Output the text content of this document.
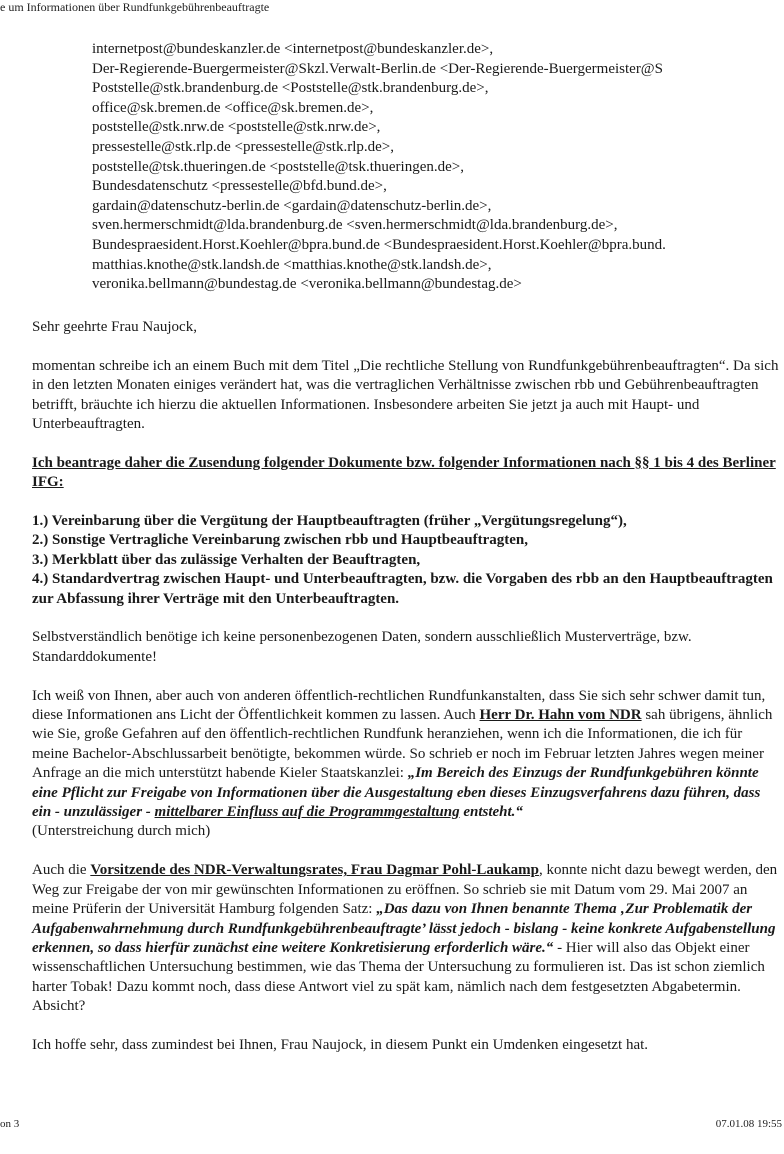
e um Informationen über Rundfunkgebührenbeauftragte
internetpost@bundeskanzler.de <internetpost@bundeskanzler.de>,
Der-Regierende-Buergermeister@Skzl.Verwalt-Berlin.de <Der-Regierende-Buergermeister@S
Poststelle@stk.brandenburg.de <Poststelle@stk.brandenburg.de>,
office@sk.bremen.de <office@sk.bremen.de>,
poststelle@stk.nrw.de <poststelle@stk.nrw.de>,
pressestelle@stk.rlp.de <pressestelle@stk.rlp.de>,
poststelle@tsk.thueringen.de <poststelle@tsk.thueringen.de>,
Bundesdatenschutz <pressestelle@bfd.bund.de>,
gardain@datenschutz-berlin.de <gardain@datenschutz-berlin.de>,
sven.hermerschmidt@lda.brandenburg.de <sven.hermerschmidt@lda.brandenburg.de>,
Bundespraesident.Horst.Koehler@bpra.bund.de <Bundespraesident.Horst.Koehler@bpra.bund.
matthias.knothe@stk.landsh.de <matthias.knothe@stk.landsh.de>,
veronika.bellmann@bundestag.de <veronika.bellmann@bundestag.de>

Sehr geehrte Frau Naujock,

momentan schreibe ich an einem Buch mit dem Titel „Die rechtliche Stellung von Rundfunkgebührenbeauftragten“. Da sich in den letzten Monaten einiges verändert hat, was die vertraglichen Verhältnisse zwischen rbb und Gebührenbeauftragten betrifft, bräuchte ich hierzu die aktuellen Informationen. Insbesondere arbeiten Sie jetzt ja auch mit Haupt- und Unterbeauftragten.

Ich beantrage daher die Zusendung folgender Dokumente bzw. folgender Informationen nach §§ 1 bis 4 des Berliner IFG:

1.) Vereinbarung über die Vergütung der Hauptbeauftragten (früher „Vergütungsregelung“),
2.) Sonstige Vertragliche Vereinbarung zwischen rbb und Hauptbeauftragten,
3.) Merkblatt über das zulässige Verhalten der Beauftragten,
4.) Standardvertrag zwischen Haupt- und Unterbeauftragten, bzw. die Vorgaben des rbb an den Hauptbeauftragten zur Abfassung ihrer Verträge mit den Unterbeauftragten.

Selbstverständlich benötige ich keine personenbezogenen Daten, sondern ausschließlich Musterverträge, bzw. Standarddokumente!

Ich weiß von Ihnen, aber auch von anderen öffentlich-rechtlichen Rundfunkanstalten, dass Sie sich sehr schwer damit tun, diese Informationen ans Licht der Öffentlichkeit kommen zu lassen. Auch Herr Dr. Hahn vom NDR sah übrigens, ähnlich wie Sie, große Gefahren auf den öffentlich-rechtlichen Rundfunk heranziehen, wenn ich die Informationen, die ich für meine Bachelor-Abschlussarbeit benötigte, bekommen würde. So schrieb er noch im Februar letzten Jahres wegen meiner Anfrage an die mich unterstützt habende Kieler Staatskanzlei: „Im Bereich des Einzugs der Rundfunkgebühren könnte eine Pflicht zur Freigabe von Informationen über die Ausgestaltung eben dieses Einzugsverfahrens dazu führen, dass ein - unzulässiger - mittelbarer Einfluss auf die Programmgestaltung entsteht.“
(Unterstreichung durch mich)

Auch die Vorsitzende des NDR-Verwaltungsrates, Frau Dagmar Pohl-Laukamp, konnte nicht dazu bewegt werden, den Weg zur Freigabe der von mir gewünschten Informationen zu eröffnen. So schrieb sie mit Datum vom 29. Mai 2007 an meine Prüferin der Universität Hamburg folgenden Satz: „Das dazu von Ihnen benannte Thema ‚Zur Problematik der Aufgabenwahrnehmung durch Rundfunkgebührenbeauftragte’ lässt jedoch - bislang - keine konkrete Aufgabenstellung erkennen, so dass hierfür zunächst eine weitere Konkretisierung erforderlich wäre.“ - Hier will also das Objekt einer wissenschaftlichen Untersuchung bestimmen, wie das Thema der Untersuchung zu formulieren ist. Das ist schon ziemlich harter Tobak! Dazu kommt noch, dass diese Antwort viel zu spät kam, nämlich nach dem festgesetzten Abgabetermin. Absicht?

Ich hoffe sehr, dass zumindest bei Ihnen, Frau Naujock, in diesem Punkt ein Umdenken eingesetzt hat.

on 3	07.01.08 19:55
